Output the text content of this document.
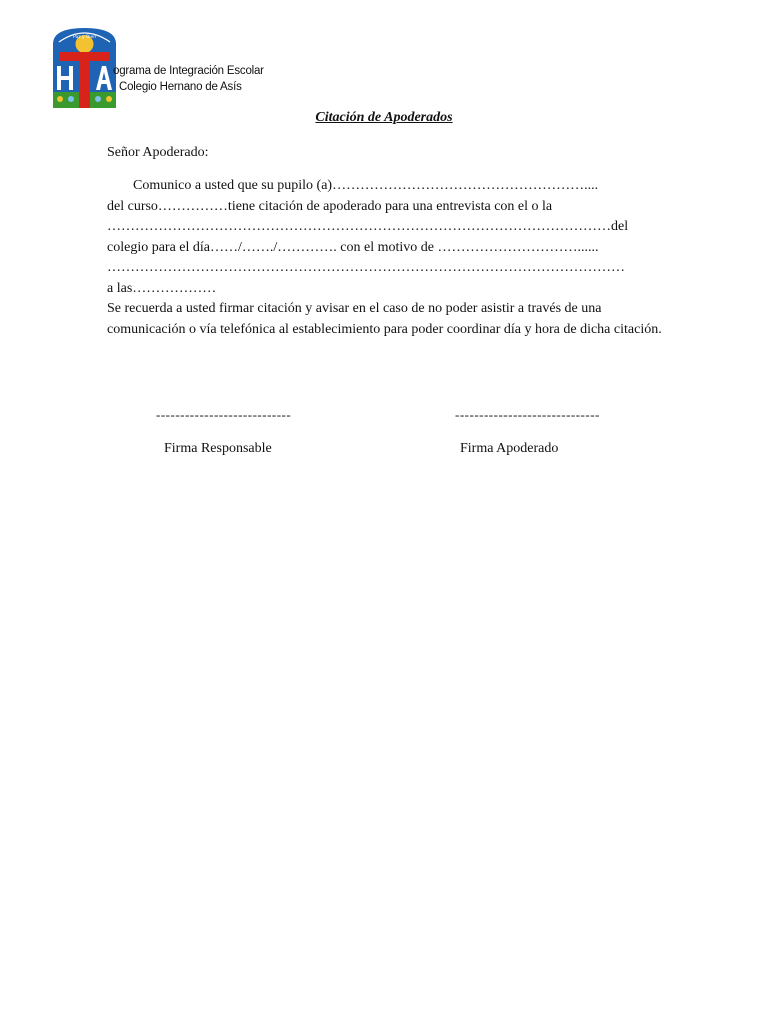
Paz y Bien
ograma de Integración Escolar
Colegio Hernano de Asís
Citación de Apoderados
Señor Apoderado:
Comunico a usted que su pupilo (a)………………………………………………....
del curso……………tiene citación de apoderado para una entrevista con el o la
………………………………………………………………………………………………del
colegio para el día……/……./…………. con el motivo de …………………………......
…………………………………………………………………………………………………
a las………………
Se recuerda a usted firmar citación y avisar en el caso de no poder asistir a través de una comunicación o vía telefónica al establecimiento para poder coordinar día y hora de dicha citación.
----------------------------
Firma Responsable
------------------------------
Firma Apoderado
